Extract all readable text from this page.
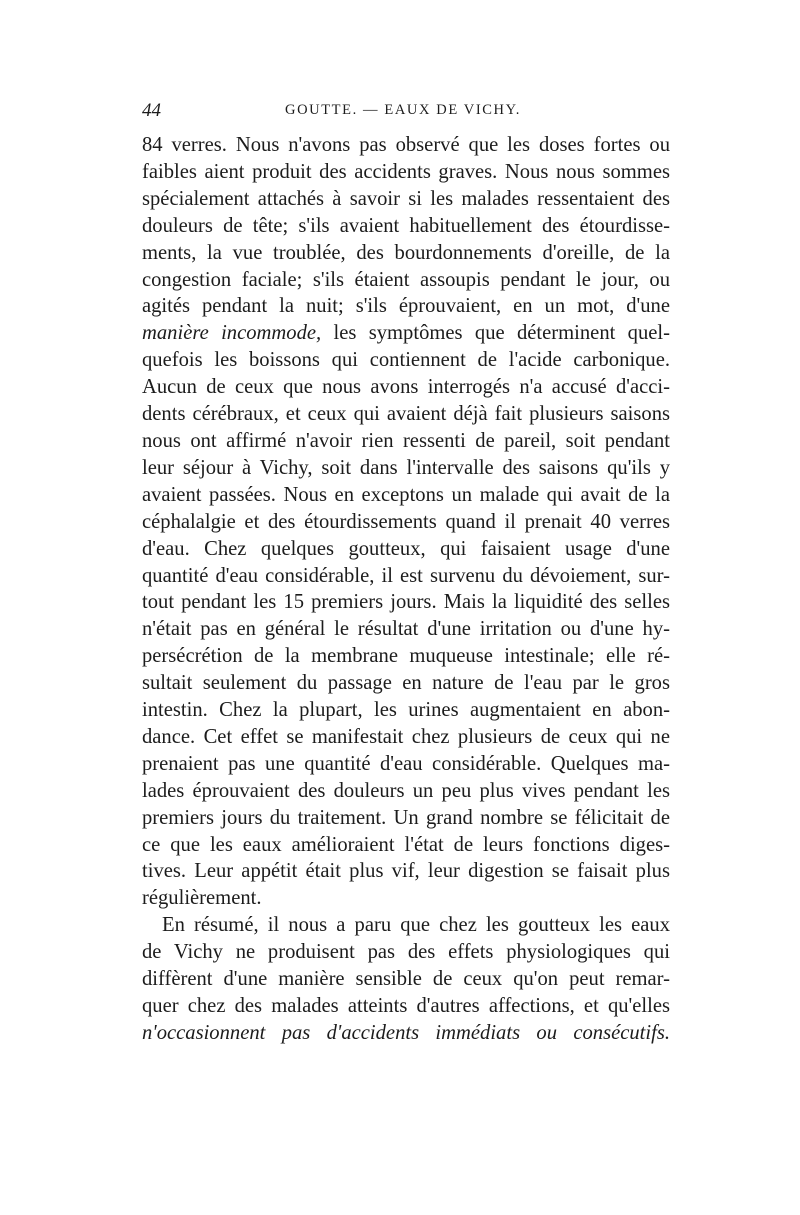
44	GOUTTE. — EAUX DE VICHY.

84 verres. Nous n'avons pas observé que les doses fortes ou
faibles aient produit des accidents graves. Nous nous sommes
spécialement attachés à savoir si les malades ressentaient des
douleurs de tête; s'ils avaient habituellement des étourdisse-
ments, la vue troublée, des bourdonnements d'oreille, de la
congestion faciale; s'ils étaient assoupis pendant le jour, ou
agités pendant la nuit; s'ils éprouvaient, en un mot, d'une
manière incommode, les symptômes que déterminent quel-
quefois les boissons qui contiennent de l'acide carbonique.
Aucun de ceux que nous avons interrogés n'a accusé d'acci-
dents cérébraux, et ceux qui avaient déjà fait plusieurs saisons
nous ont affirmé n'avoir rien ressenti de pareil, soit pendant
leur séjour à Vichy, soit dans l'intervalle des saisons qu'ils y
avaient passées. Nous en exceptons un malade qui avait de la
céphalalgie et des étourdissements quand il prenait 40 verres
d'eau. Chez quelques goutteux, qui faisaient usage d'une
quantité d'eau considérable, il est survenu du dévoiement, sur-
tout pendant les 15 premiers jours. Mais la liquidité des selles
n'était pas en général le résultat d'une irritation ou d'une hy-
persécrétion de la membrane muqueuse intestinale; elle ré-
sultait seulement du passage en nature de l'eau par le gros
intestin. Chez la plupart, les urines augmentaient en abon-
dance. Cet effet se manifestait chez plusieurs de ceux qui ne
prenaient pas une quantité d'eau considérable. Quelques ma-
lades éprouvaient des douleurs un peu plus vives pendant les
premiers jours du traitement. Un grand nombre se félicitait de
ce que les eaux amélioraient l'état de leurs fonctions diges-
tives. Leur appétit était plus vif, leur digestion se faisait plus
régulièrement.

En résumé, il nous a paru que chez les goutteux les eaux
de Vichy ne produisent pas des effets physiologiques qui
diffèrent d'une manière sensible de ceux qu'on peut remar-
quer chez des malades atteints d'autres affections, et qu'elles
n'occasionnent pas d'accidents immédiats ou consécutifs.
